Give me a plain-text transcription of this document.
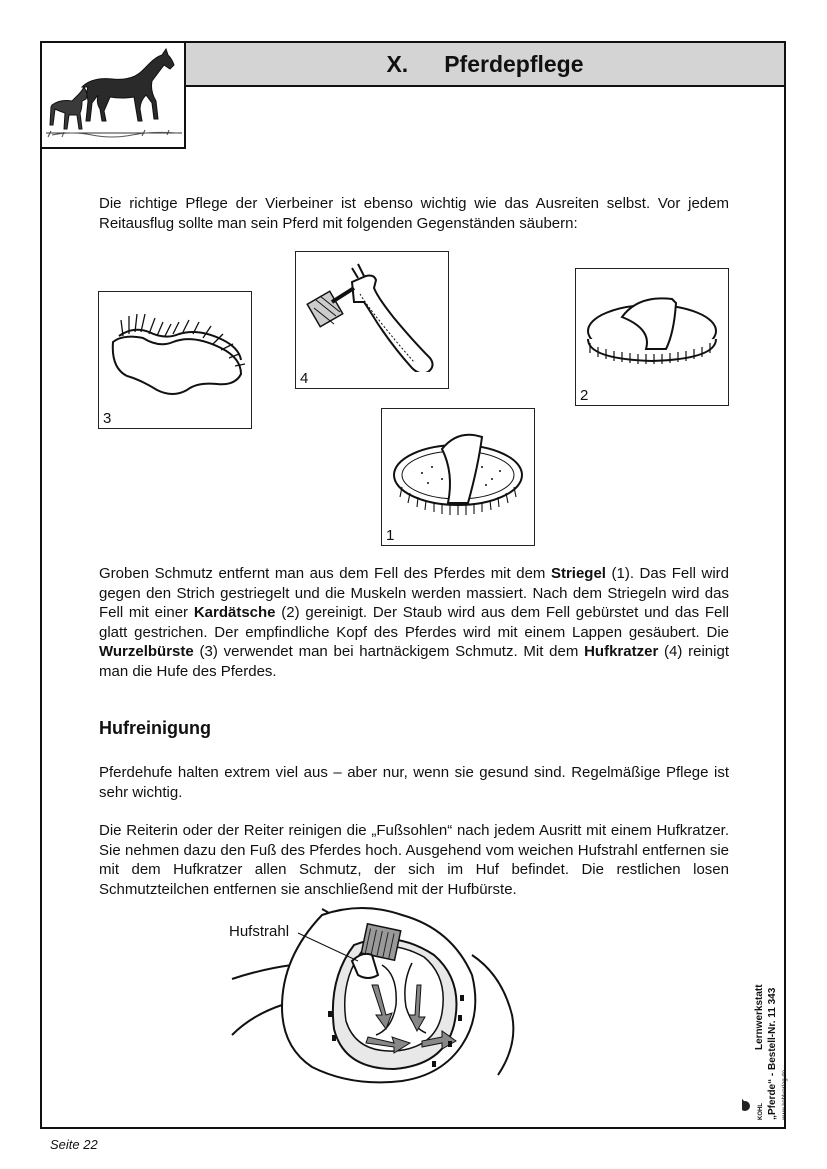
X. Pferdepflege

Die richtige Pflege der Vierbeiner ist ebenso wichtig wie das Ausreiten selbst. Vor jedem Reitausflug sollte man sein Pferd mit folgenden Gegenständen säubern:

3
4
2
1

Groben Schmutz entfernt man aus dem Fell des Pferdes mit dem Striegel (1). Das Fell wird gegen den Strich gestriegelt und die Muskeln werden massiert. Nach dem Striegeln wird das Fell mit einer Kardätsche (2) gereinigt. Der Staub wird aus dem Fell gebürstet und das Fell glatt gestrichen. Der empfindliche Kopf des Pferdes wird mit einem Lappen gesäubert. Die Wurzelbürste (3) verwendet man bei hartnäckigem Schmutz. Mit dem Hufkratzer (4) reinigt man die Hufe des Pferdes.

Hufreinigung

Pferdehufe halten extrem viel aus – aber nur, wenn sie gesund sind. Regelmäßige Pflege ist sehr wichtig.

Die Reiterin oder der Reiter reinigen die „Fußsohlen“ nach jedem Ausritt mit einem Hufkratzer. Sie nehmen dazu den Fuß des Pferdes hoch. Ausgehend vom weichen Hufstrahl entfernen sie mit dem Hufkratzer allen Schmutz, der sich im Huf befindet. Die restlichen losen Schmutzteilchen entfernen sie anschließend mit der Hufbürste.

Hufstrahl
Lernwerkstatt „Pferde“ - Bestell-Nr. 11 343
KOHL	www.kohlverlag.de
Seite 22
